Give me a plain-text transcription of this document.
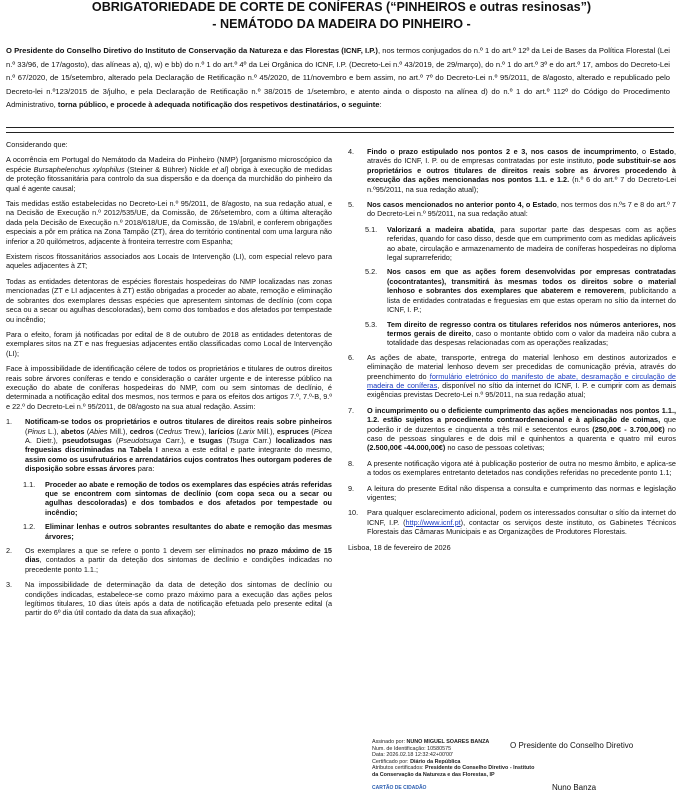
OBRIGATORIEDADE DE CORTE DE CONÍFERAS (“PINHEIROS e outras resinosas”)
- NEMÁTODO DA MADEIRA DO PINHEIRO -

O Presidente do Conselho Diretivo do Instituto de Conservação da Natureza e das Florestas (ICNF, I.P.), nos termos conjugados do n.º 1 do art.º 12º da Lei de Bases da Política Florestal (Lei n.º 33/96, de 17/agosto), das alíneas a), q), w) e bb) do n.º 1 do art.º 4º da Lei Orgânica do ICNF, I.P. (Decreto-Lei n.º 43/2019, de 29/março), do n.º 1 do art.º 3º e do art.º 17, ambos do Decreto-Lei n.º 67/2020, de 15/setembro, alterado pela Declaração de Retificação n.º 45/2020, de 11/novembro e bem assim, no art.º 7º do Decreto-Lei n.º 95/2011, de 8/agosto, alterado e republicado pelo Decreto-lei n.º123/2015 de 3/julho, e pela Declaração de Retificação n.º 38/2015 de 1/setembro, e atento ainda o disposto na alínea d) do n.º 1 do art.º 112º do Código do Procedimento Administrativo, torna público, e procede à adequada notificação dos respetivos destinatários, o seguinte:

Considerando que:

A ocorrência em Portugal do Nemátodo da Madeira do Pinheiro (NMP) [organismo microscópico da espécie Bursaphelenchus xylophilus (Steiner & Bührer) Nickle et al] obriga à execução de medidas de proteção fitossanitária para controlo da sua dispersão e da doença da murchidão do pinheiro da qual é agente causal;

Tais medidas estão estabelecidas no Decreto-Lei n.º 95/2011, de 8/agosto, na sua redação atual, e na Decisão de Execução n.º 2012/535/UE, da Comissão, de 26/setembro, com a última alteração dada pela Decisão de Execução n.º 2018/618/UE, da Comissão, de 19/abril, e conferem obrigações especiais a pôr em prática na Zona Tampão (ZT), área do território continental com uma largura não inferior a 20 quilómetros, adjacente à fronteira terrestre com Espanha;

Existem riscos fitossanitários associados aos Locais de Intervenção (LI), com especial relevo para aqueles adjacentes à ZT;

Todas as entidades detentoras de espécies florestais hospedeiras do NMP localizadas nas zonas mencionadas (ZT e LI adjacentes à ZT) estão obrigadas a proceder ao abate, remoção e eliminação de sobrantes dos exemplares dessas espécies que apresentem sintomas de declínio (com copa seca ou a secar ou agulhas descoloradas), bem como dos tombados e dos afetados por tempestade ou incêndio;

Para o efeito, foram já notificadas por edital de 8 de outubro de 2018 as entidades detentoras de exemplares sitos na ZT e nas freguesias adjacentes então classificadas como Local de Intervenção (LI);

Face à impossibilidade de identificação célere de todos os proprietários e titulares de outros direitos reais sobre árvores coníferas e tendo e consideração o caráter urgente e de interesse público na execução do abate de coníferas hospedeiras do NMP, com ou sem sintomas de declínio, é determinada a notificação edital dos mesmos, nos termos e para os efeitos dos artigos 7.º, 7.º-B, 9.º e 22.º do Decreto-Lei n.º 95/2011, de 08/agosto na sua atual redação. Assim:

1. Notificam-se todos os proprietários e outros titulares de direitos reais sobre pinheiros (Pinus L.), abetos (Abies Mill.), cedros (Cedrus Trew.), larícios (Larix Mill.), espruces (Picea A. Dietr.), pseudotsugas (Pseudotsuga Carr.), e tsugas (Tsuga Carr.) localizados nas freguesias discriminadas na Tabela I anexa a este edital e parte integrante do mesmo, assim como os usufrutuários e arrendatários cujos contratos lhes outorgam poderes de disposição sobre essas árvores para:
1.1. Proceder ao abate e remoção de todos os exemplares das espécies atrás referidas que se encontrem com sintomas de declínio (com copa seca ou a secar ou agulhas descoloradas) e dos tombados e dos afetados por tempestade ou incêndio;
1.2. Eliminar lenhas e outros sobrantes resultantes do abate e remoção das mesmas árvores;
2. Os exemplares a que se refere o ponto 1 devem ser eliminados no prazo máximo de 15 dias, contados a partir da deteção dos sintomas de declínio e condições indicadas no precedente ponto 1.1.;
3. Na impossibilidade de determinação da data de deteção dos sintomas de declínio ou condições indicadas, estabelece-se como prazo máximo para a execução das ações pelos legítimos titulares, 10 dias úteis após a data de notificação efetuada pelo presente edital (a partir do 6º dia útil contado da data da sua afixação);
4. Findo o prazo estipulado nos pontos 2 e 3, nos casos de incumprimento, o Estado, através do ICNF, I. P. ou de empresas contratadas por este instituto, pode substituir-se aos proprietários e outros titulares de direitos reais sobre as árvores procedendo à execução das ações mencionadas nos pontos 1.1. e 1.2. (n.º 6 do art.º 7 do Decreto-Lei n.º95/2011, na sua redação atual);
5. Nos casos mencionados no anterior ponto 4, o Estado, nos termos dos n.ºs 7 e 8 do art.º 7 do Decreto-Lei n.º 95/2011, na sua redação atual:
5.1. Valorizará a madeira abatida, para suportar parte das despesas com as ações referidas, quando for caso disso, desde que em cumprimento com as medidas aplicáveis ao abate, circulação e armazenamento de madeira de coníferas hospedeiras no diploma legal suprarreferido;
5.2. Nos casos em que as ações forem desenvolvidas por empresas contratadas (cocontratantes), transmitirá às mesmas todos os direitos sobre o material lenhoso e sobrantes dos exemplares que abaterem e removerem, publicitando a lista de entidades contratadas e freguesias em que estas operam no sítio da internet do ICNF, I. P.;
5.3. Tem direito de regresso contra os titulares referidos nos números anteriores, nos termos gerais de direito, caso o montante obtido com o valor da madeira não cubra a totalidade das despesas relacionadas com as operações realizadas;
6. As ações de abate, transporte, entrega do material lenhoso em destinos autorizados e eliminação de material lenhoso devem ser precedidas de comunicação prévia, através do preenchimento do formulário eletrónico do manifesto de abate, desramação e circulação de madeira de coníferas, disponível no sítio da internet do ICNF, I. P. e cumprir com as demais exigências previstas Decreto-Lei n.º 95/2011, na sua redação atual;
7. O incumprimento ou o deficiente cumprimento das ações mencionadas nos pontos 1.1., 1.2. estão sujeitos a procedimento contraordenacional e à aplicação de coimas, que poderão ir de duzentos e cinquenta a três mil e setecentos euros (250,00€ - 3.700,00€) no caso de pessoas singulares e de dois mil e quinhentos a quarenta e quatro mil euros (2.500,00€ -44.000,00€) no caso de pessoas coletivas;
8. A presente notificação vigora até à publicação posterior de outra no mesmo âmbito, e aplica-se a todos os exemplares entretanto detetados nas condições referidas no precedente ponto 1.1;
9. A leitura do presente Edital não dispensa a consulta e cumprimento das normas e legislação vigentes;
10. Para qualquer esclarecimento adicional, podem os interessados consultar o sítio da internet do ICNF, I.P. (http://www.icnf.pt), contactar os serviços deste instituto, os Gabinetes Técnicos Florestais das Câmaras Municipais e as Organizações de Produtores Florestais.

Lisboa, 18 de fevereiro de 2026

Assinado por: NUNO MIGUEL SOARES BANZA
Num. de Identificação: 10580575
Data: 2026.02.18 12:32:42+00'00'
Certificado por: Diário da República
Atributos certificados: Presidente do Conselho Diretivo - Instituto da Conservação da Natureza e das Florestas, IP
O Presidente do Conselho Diretivo
CARTÃO DE CIDADÃO	Nuno Banza
